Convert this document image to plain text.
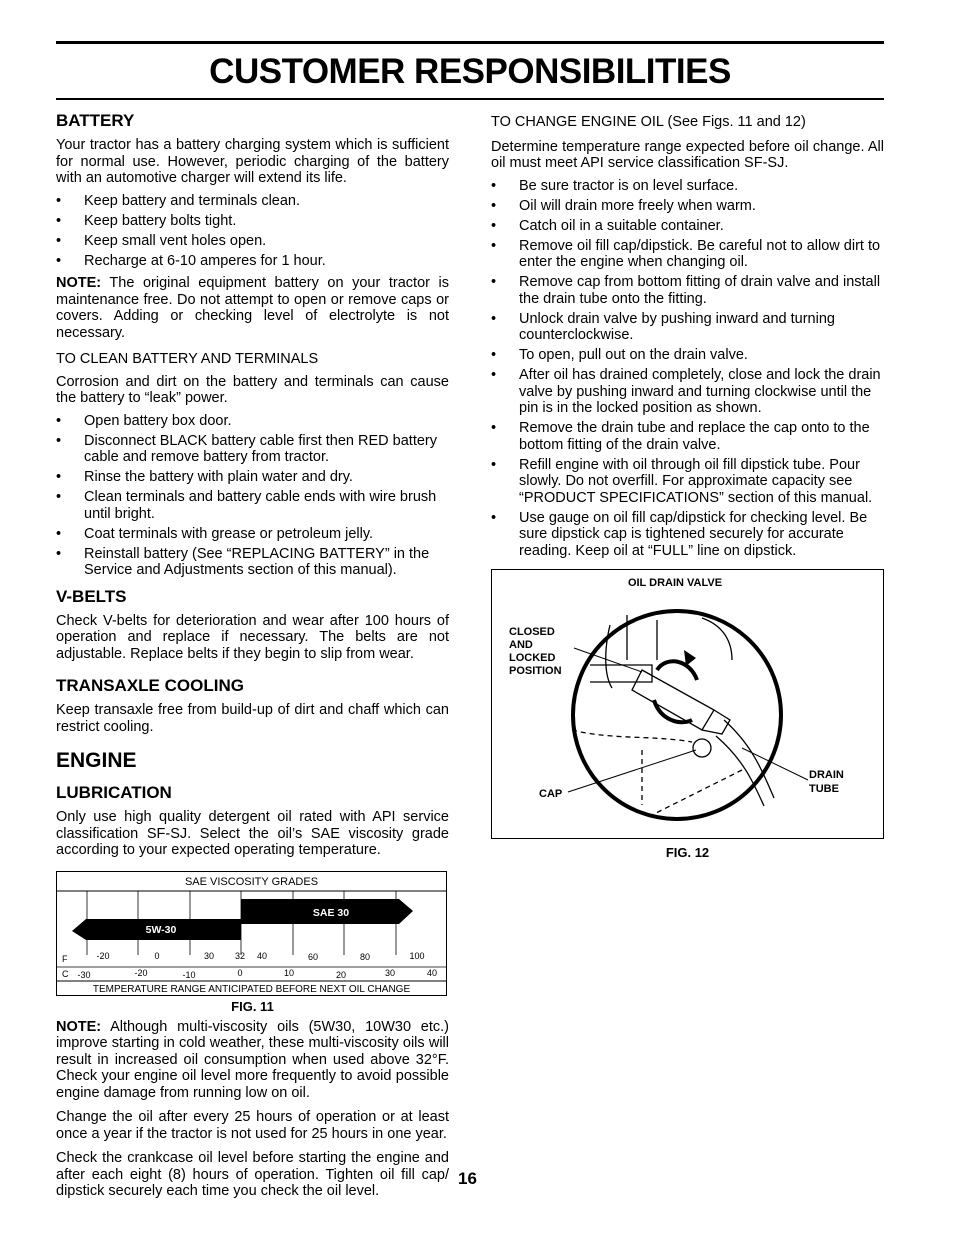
CUSTOMER RESPONSIBILITIES
BATTERY

Your tractor has a battery charging system which is sufficient for normal use. However, periodic charging of the battery with an automotive charger will extend its life.

• Keep battery and terminals clean.
• Keep battery bolts tight.
• Keep small vent holes open.
• Recharge at 6-10 amperes for 1 hour.

NOTE: The original equipment battery on your tractor is maintenance free. Do not attempt to open or remove caps or covers. Adding or checking level of electrolyte is not necessary.

TO CLEAN BATTERY AND TERMINALS

Corrosion and dirt on the battery and terminals can cause the battery to “leak” power.

• Open battery box door.
• Disconnect BLACK battery cable first then RED battery cable and remove battery from tractor.
• Rinse the battery with plain water and dry.
• Clean terminals and battery cable ends with wire brush until bright.
• Coat terminals with grease or petroleum jelly.
• Reinstall battery (See “REPLACING BATTERY” in the Service and Adjustments section of this manual).
V-BELTS

Check V-belts for deterioration and wear after 100 hours of operation and replace if necessary. The belts are not adjustable. Replace belts if they begin to slip from wear.

TRANSAXLE COOLING

Keep transaxle free from build-up of dirt and chaff which can restrict cooling.

ENGINE
LUBRICATION

Only use high quality detergent oil rated with API service classification SF-SJ. Select the oil’s SAE viscosity grade according to your expected operating temperature.

SAE 30
5W-30
SAE VISCOSITY GRADES
F	-20	0	30 32 40	60	80	100
C -30	-20	-10	0	10	20	30	40
TEMPERATURE RANGE ANTICIPATED BEFORE NEXT OIL CHANGE
FIG. 11

NOTE: Although multi-viscosity oils (5W30, 10W30 etc.) improve starting in cold weather, these multi-viscosity oils will result in increased oil consumption when used above 32°F. Check your engine oil level more frequently to avoid possible engine damage from running low on oil.

Change the oil after every 25 hours of operation or at least once a year if the tractor is not used for 25 hours in one year.

Check the crankcase oil level before starting the engine and after each eight (8) hours of operation. Tighten oil fill cap/ dipstick securely each time you check the oil level.

TO CHANGE ENGINE OIL (See Figs. 11 and 12)

Determine temperature range expected before oil change. All oil must meet API service classification SF-SJ.

• Be sure tractor is on level surface.
• Oil will drain more freely when warm.
• Catch oil in a suitable container.
• Remove oil fill cap/dipstick. Be careful not to allow dirt to enter the engine when changing oil.
• Remove cap from bottom fitting of drain valve and install the drain tube onto the fitting.
• Unlock drain valve by pushing inward and turning counterclockwise.
• To open, pull out on the drain valve.
• After oil has drained completely, close and lock the drain valve by pushing inward and turning clockwise until the pin is in the locked position as shown.
• Remove the drain tube and replace the cap onto to the bottom fitting of the drain valve.
• Refill engine with oil through oil fill dipstick tube. Pour slowly. Do not overfill. For approximate capacity see “PRODUCT SPECIFICATIONS” section of this manual.
• Use gauge on oil fill cap/dipstick for checking level. Be sure dipstick cap is tightened securely for accurate reading. Keep oil at “FULL” line on dipstick.
OIL DRAIN VALVE
CLOSED
AND
LOCKED
POSITION
CAP
DRAIN
TUBE
FIG. 12
16
